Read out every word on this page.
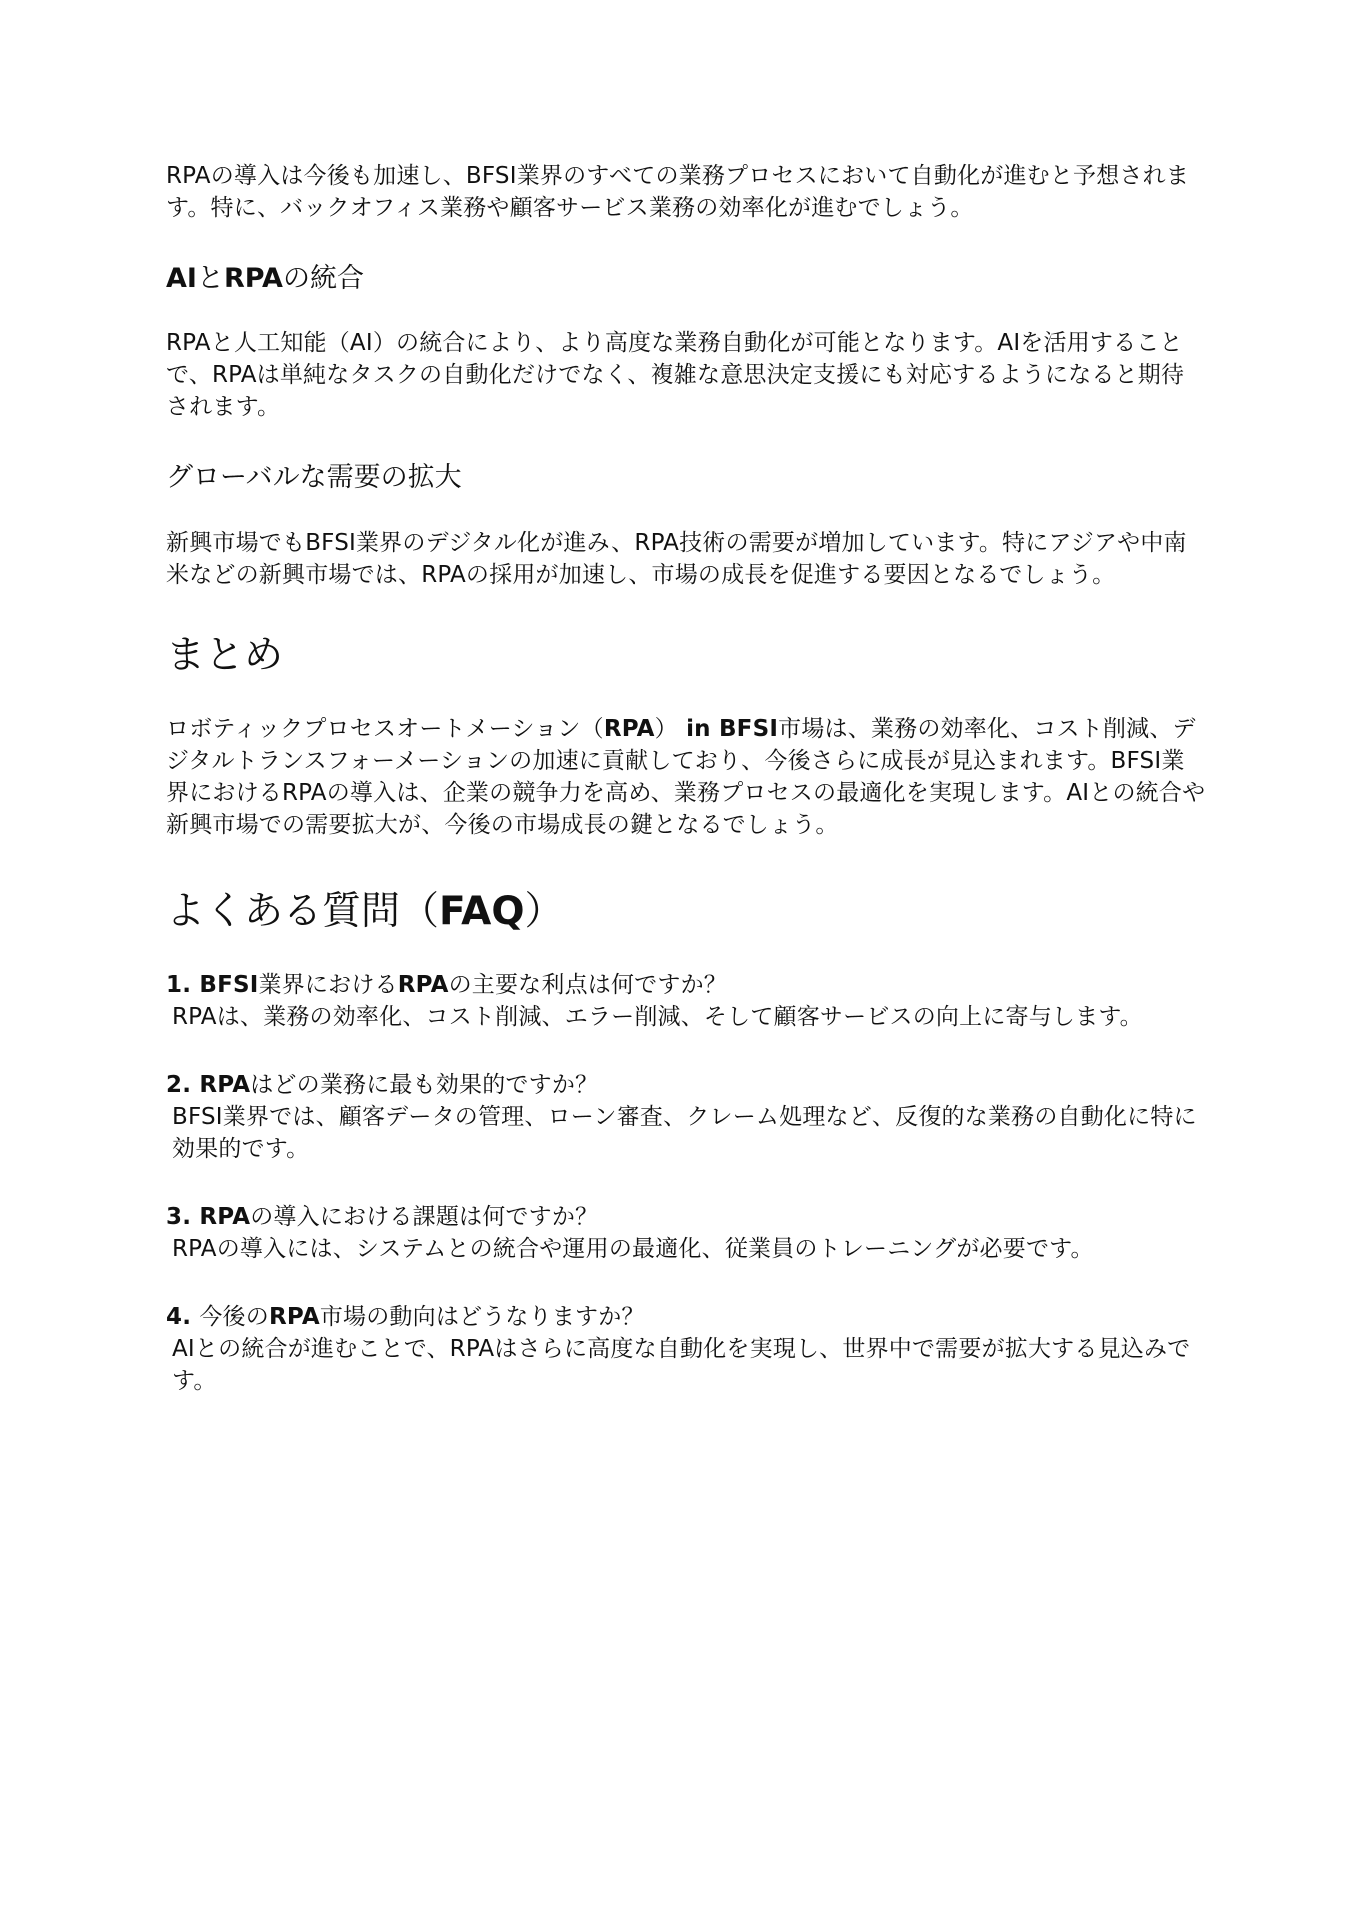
RPAの導入は今後も加速し、BFSI業界のすべての業務プロセスにおいて自動化が進むと予想されます。特に、バックオフィス業務や顧客サービス業務の効率化が進むでしょう。

AIとRPAの統合

RPAと人工知能（AI）の統合により、より高度な業務自動化が可能となります。AIを活用することで、RPAは単純なタスクの自動化だけでなく、複雑な意思決定支援にも対応するようになると期待されます。

グローバルな需要の拡大

新興市場でもBFSI業界のデジタル化が進み、RPA技術の需要が増加しています。特にアジアや中南米などの新興市場では、RPAの採用が加速し、市場の成長を促進する要因となるでしょう。

まとめ

ロボティックプロセスオートメーション（RPA） in BFSI市場は、業務の効率化、コスト削減、デジタルトランスフォーメーションの加速に貢献しており、今後さらに成長が見込まれます。BFSI業界におけるRPAの導入は、企業の競争力を高め、業務プロセスの最適化を実現します。AIとの統合や新興市場での需要拡大が、今後の市場成長の鍵となるでしょう。

よくある質問（FAQ）

1. BFSI業界におけるRPAの主要な利点は何ですか？

RPAは、業務の効率化、コスト削減、エラー削減、そして顧客サービスの向上に寄与します。

2. RPAはどの業務に最も効果的ですか？

BFSI業界では、顧客データの管理、ローン審査、クレーム処理など、反復的な業務の自動化に特に効果的です。

3. RPAの導入における課題は何ですか？

RPAの導入には、システムとの統合や運用の最適化、従業員のトレーニングが必要です。

4. 今後のRPA市場の動向はどうなりますか？

AIとの統合が進むことで、RPAはさらに高度な自動化を実現し、世界中で需要が拡大する見込みです。
